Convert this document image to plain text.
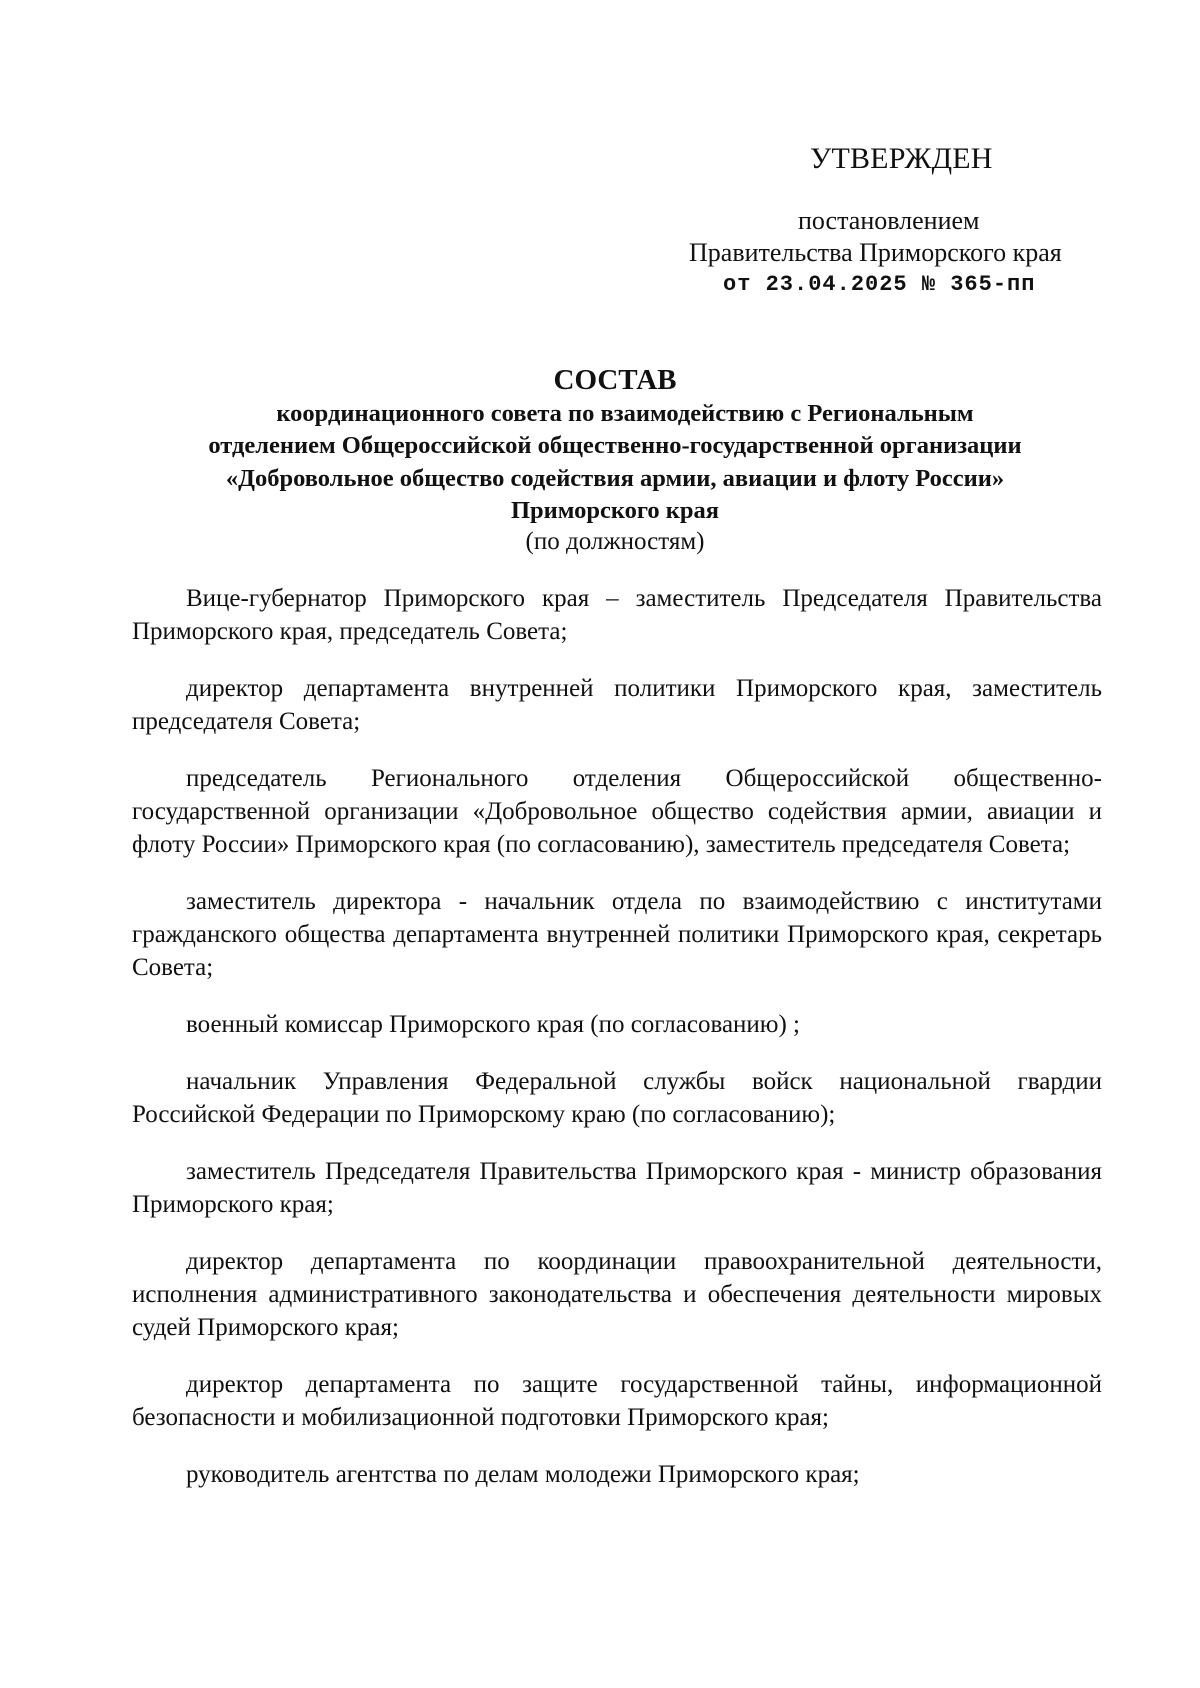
УТВЕРЖДЕН
постановлением
Правительства Приморского края
от 23.04.2025 № 365-пп
СОСТАВ
координационного совета по взаимодействию с Региональным
отделением Общероссийской общественно-государственной организации
«Добровольное общество содействия армии, авиации и флоту России»
Приморского края
(по должностям)
Вице-губернатор Приморского края – заместитель Председателя Правительства Приморского края, председатель Совета;
директор департамента внутренней политики Приморского края, заместитель председателя Совета;
председатель Регионального отделения Общероссийской общественно-государственной организации «Добровольное общество содействия армии, авиации и флоту России» Приморского края (по согласованию), заместитель председателя Совета;
заместитель директора - начальник отдела по взаимодействию с институтами гражданского общества департамента внутренней политики Приморского края, секретарь Совета;
военный комиссар Приморского края (по согласованию) ;
начальник Управления Федеральной службы войск национальной гвардии Российской Федерации по Приморскому краю (по согласованию);
заместитель Председателя Правительства Приморского края - министр образования Приморского края;
директор департамента по координации правоохранительной деятельности, исполнения административного законодательства и обеспечения деятельности мировых судей Приморского края;
директор департамента по защите государственной тайны, информационной безопасности и мобилизационной подготовки Приморского края;
руководитель агентства по делам молодежи Приморского края;
